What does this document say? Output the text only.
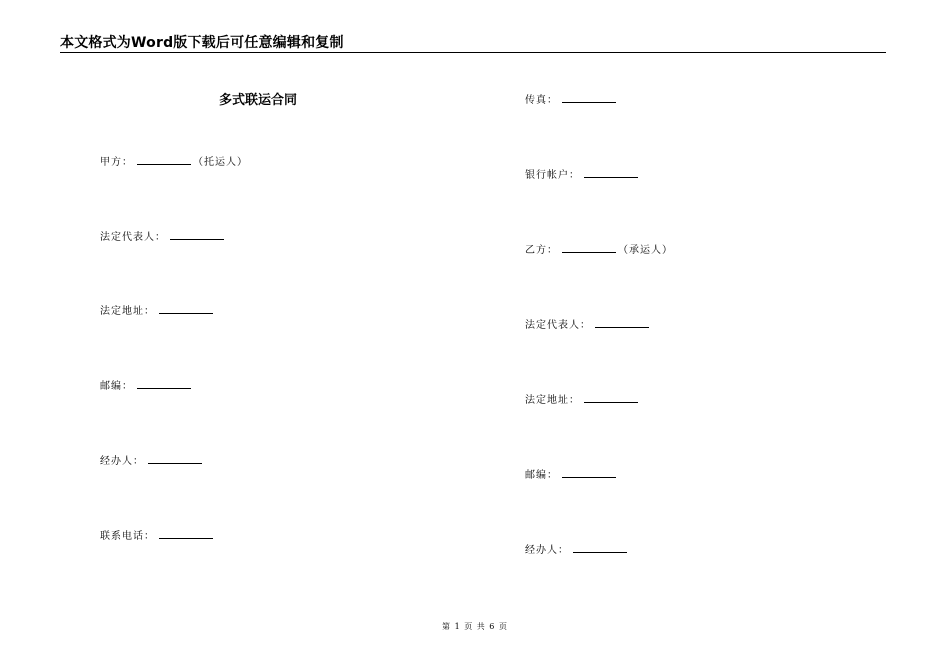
本文格式为Word版下载后可任意编辑和复制
多式联运合同
甲方：	（托运人）
法定代表人：
法定地址：
邮编：
经办人：
联系电话：
传真：
银行帐户：
乙方：	（承运人）
法定代表人：
法定地址：
邮编：
经办人：
第 1 页 共 6 页
